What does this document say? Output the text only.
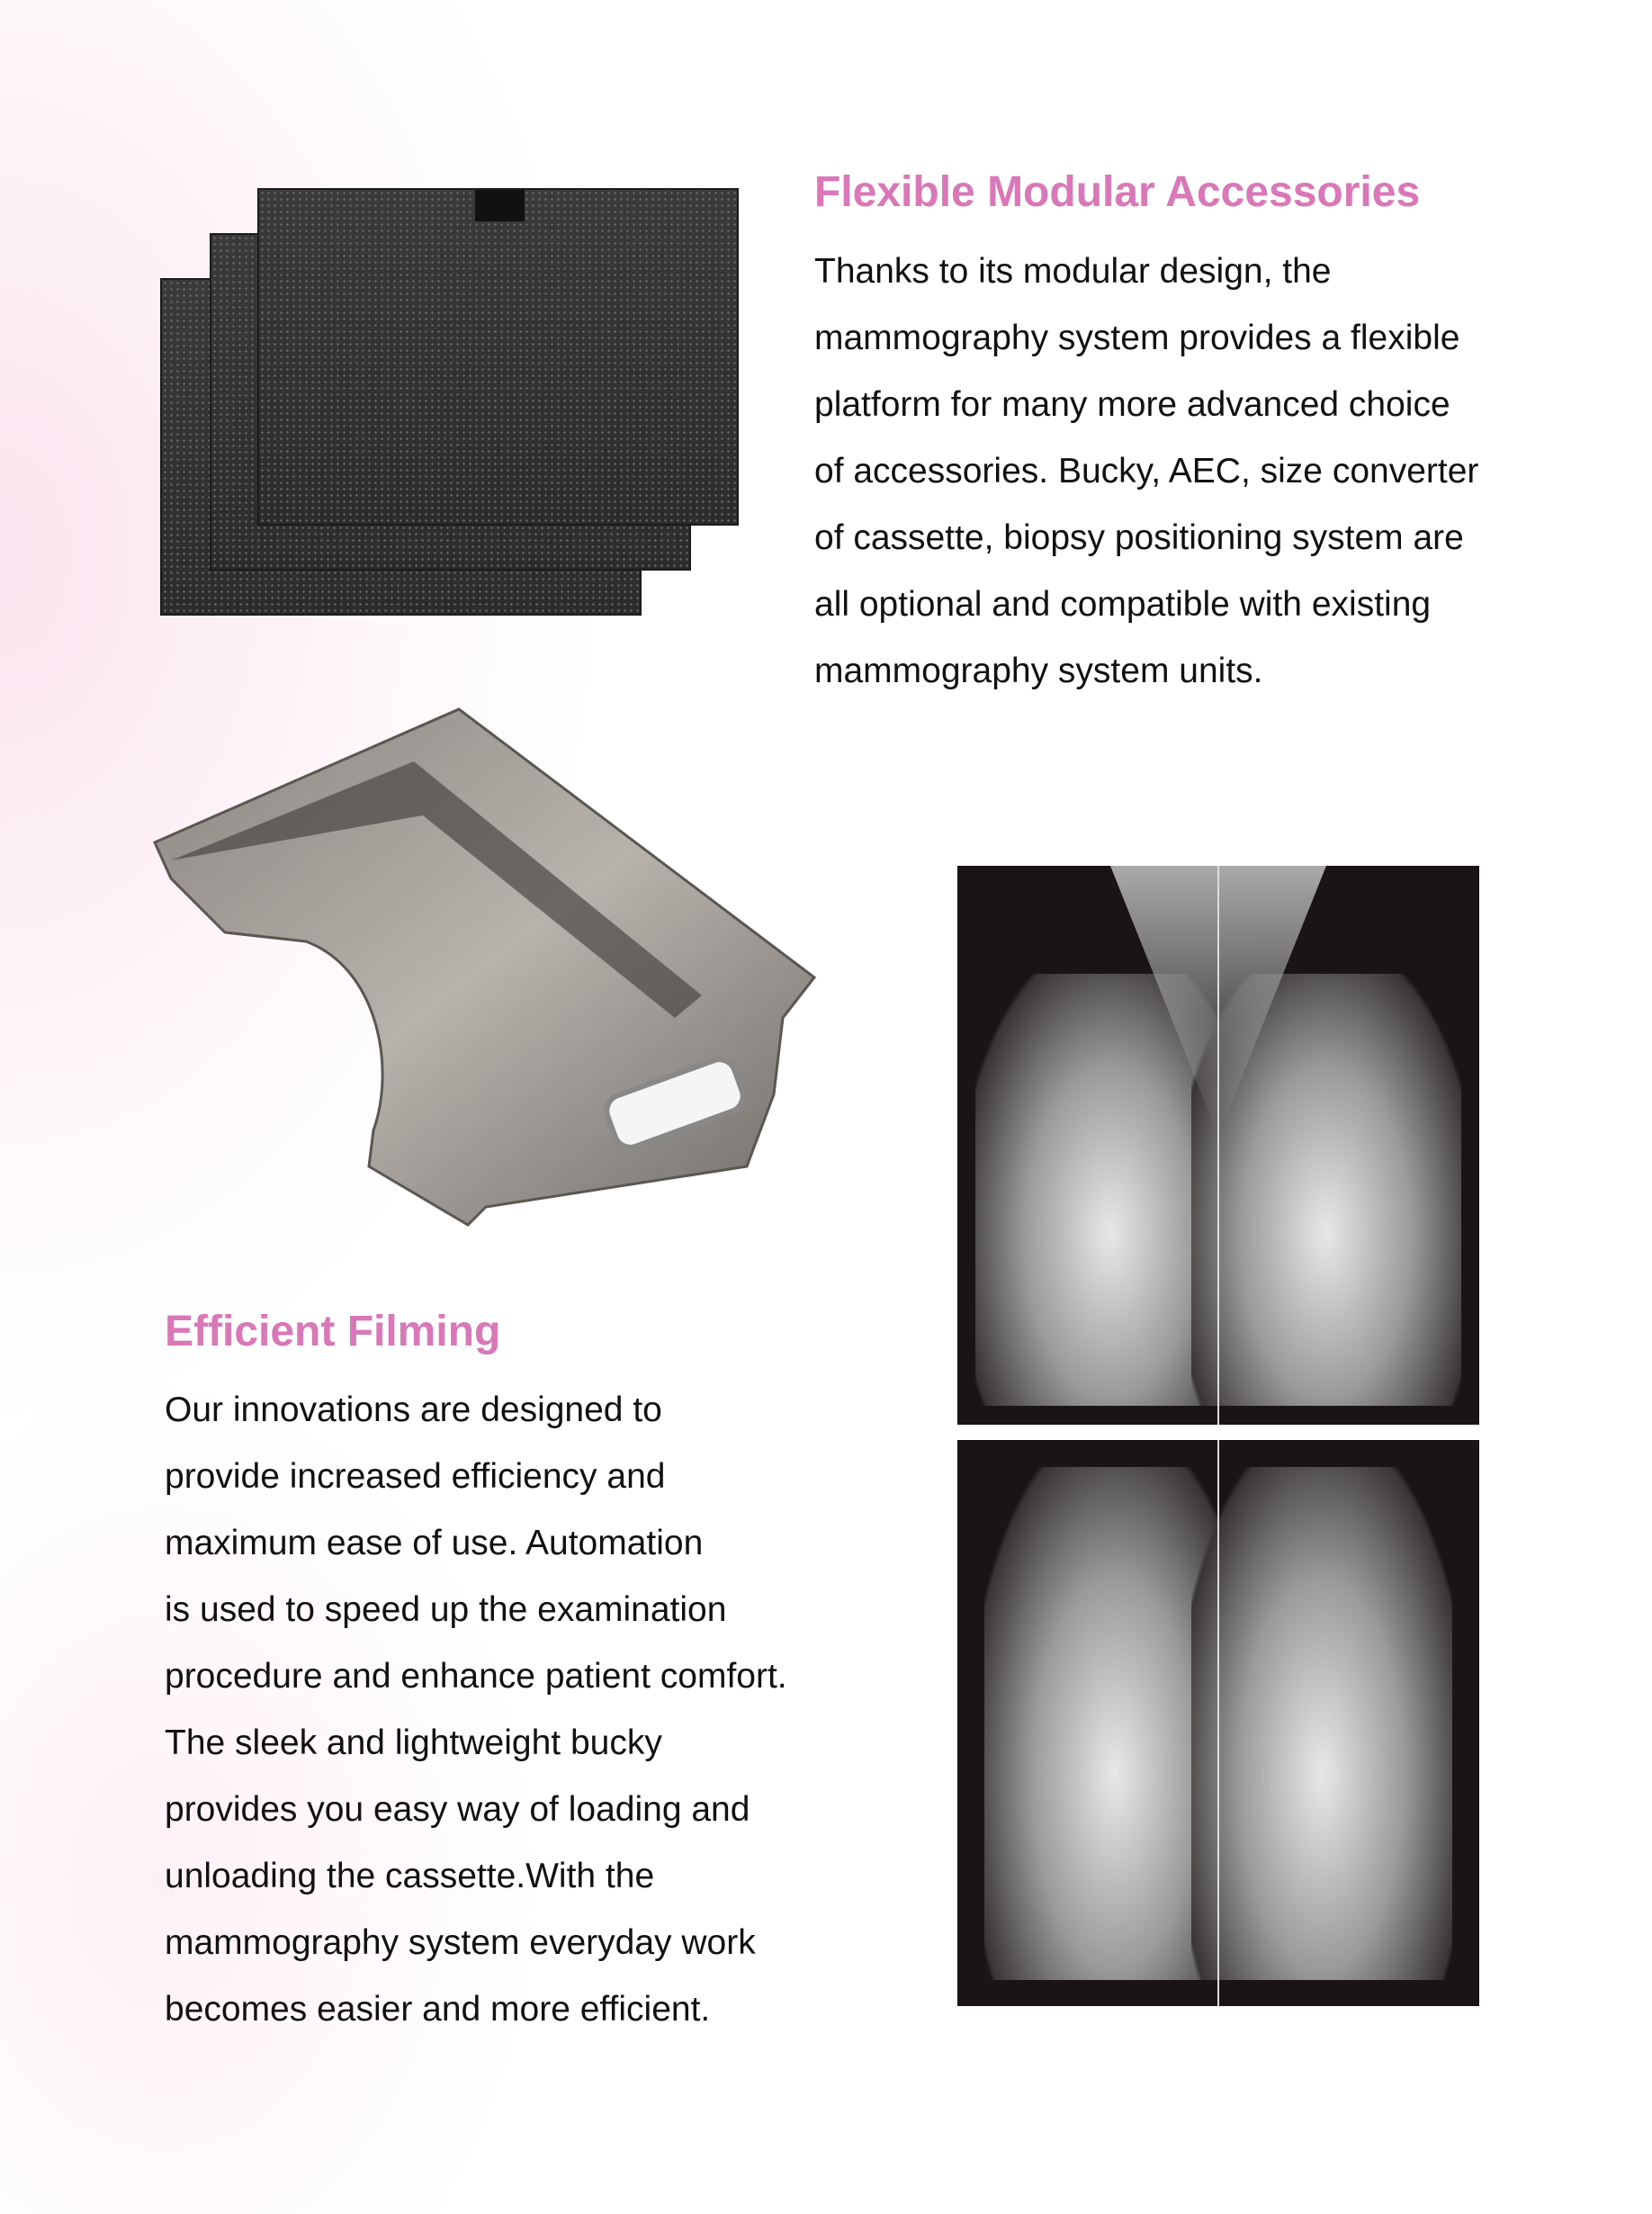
Flexible Modular Accessories
Thanks to its modular design, the
mammography system provides a flexible
platform for many more advanced choice
of accessories. Bucky, AEC, size converter
of cassette, biopsy positioning system are
all optional and compatible with existing
mammography system units.
Efficient Filming
Our innovations are designed to
provide increased efficiency and
maximum ease of use. Automation
is used to speed up the examination
procedure and enhance patient comfort.
The sleek and lightweight bucky
provides you easy way of loading and
unloading the cassette.With the
mammography system everyday work
becomes easier and more efficient.
